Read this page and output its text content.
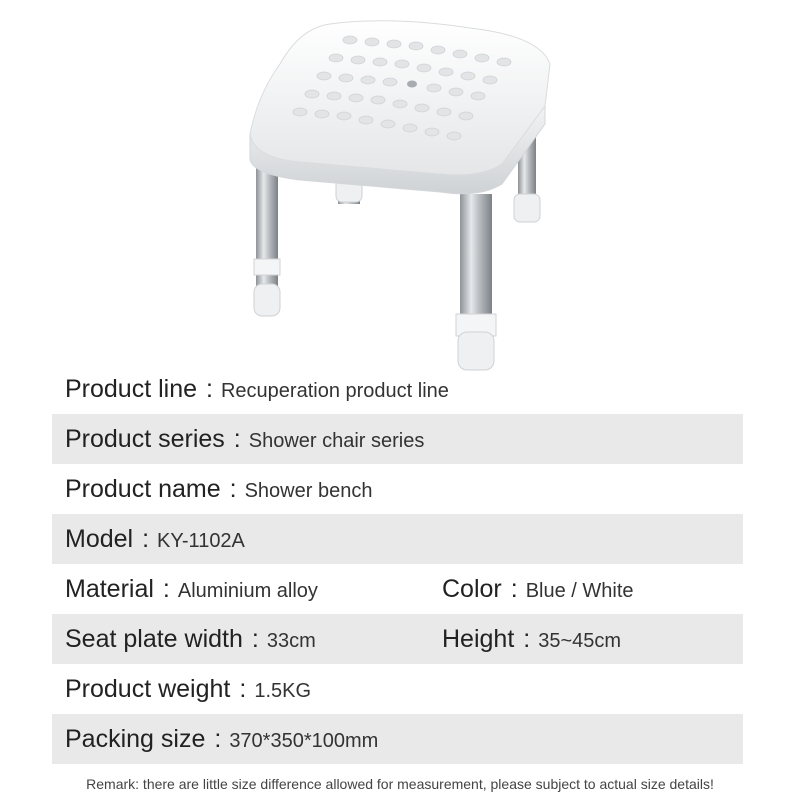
Product line : Recuperation product line
Product series : Shower chair series
Product name : Shower bench
Model : KY-1102A
Material : Aluminium alloy	Color : Blue / White
Seat plate width : 33cm	Height : 35~45cm
Product weight : 1.5KG
Packing size : 370*350*100mm
Remark: there are little size difference allowed for measurement, please subject to actual size details!
